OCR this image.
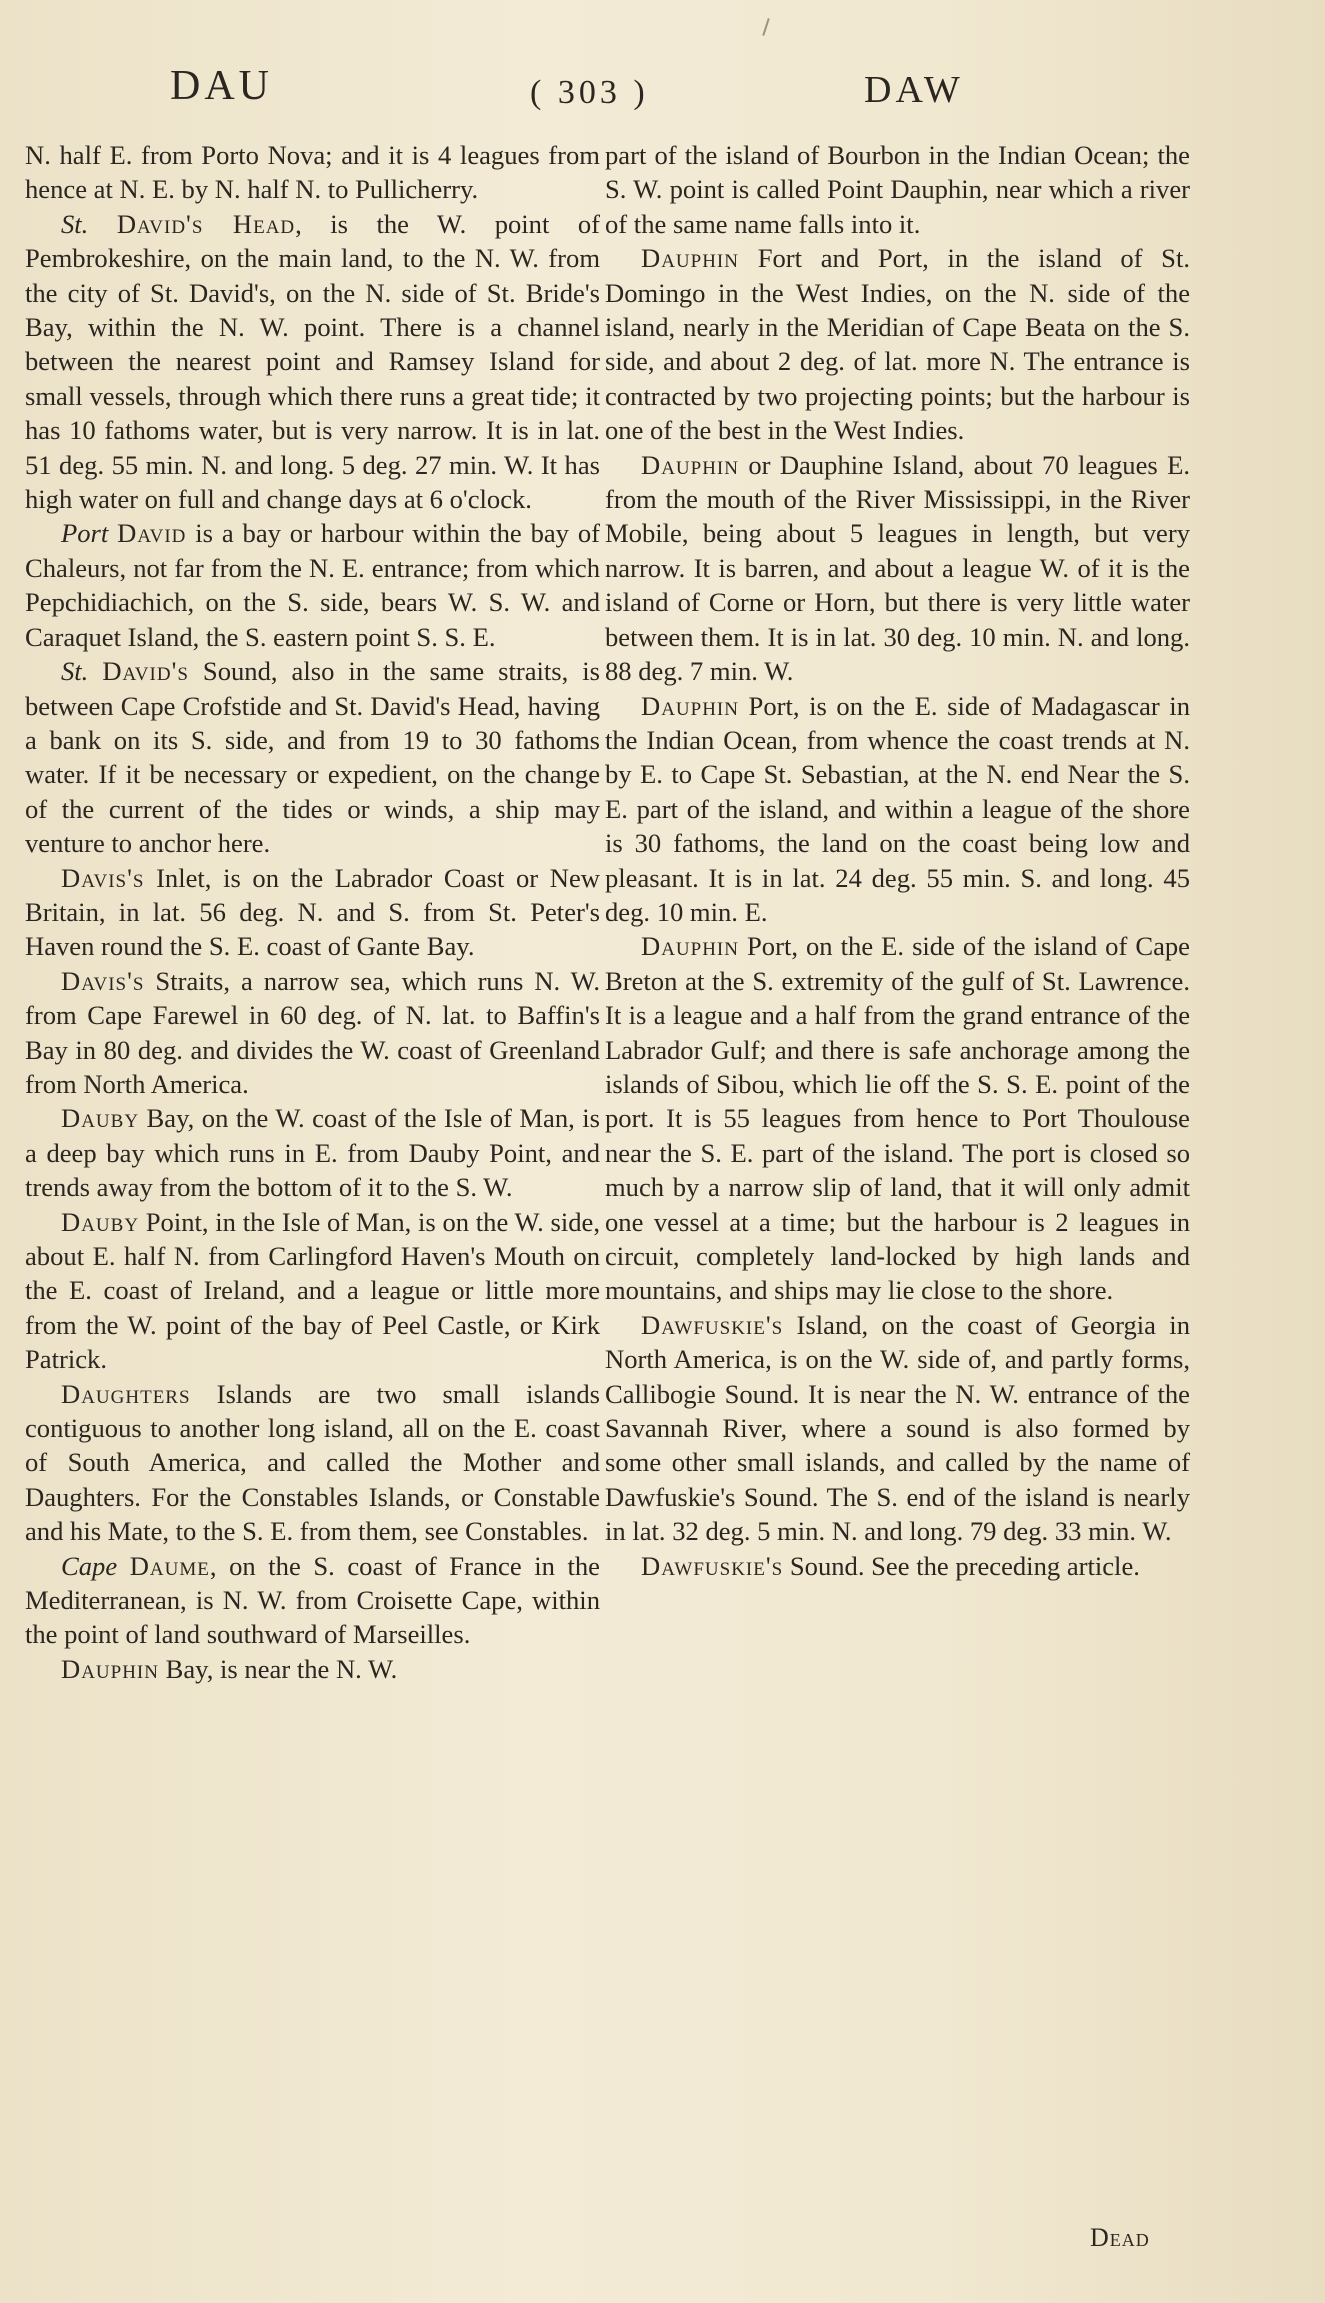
DAU	( 303 )	DAW

N. half E. from Porto Nova; and it is 4 leagues from hence at N. E. by N. half N. to Pullicherry.

St. David's Head, is the W. point of Pembrokeshire, on the main land, to the N. W. from the city of St. David's, on the N. side of St. Bride's Bay, within the N. W. point. There is a channel between the nearest point and Ramsey Island for small vessels, through which there runs a great tide; it has 10 fathoms water, but is very narrow. It is in lat. 51 deg. 55 min. N. and long. 5 deg. 27 min. W. It has high water on full and change days at 6 o'clock.

Port David is a bay or harbour within the bay of Chaleurs, not far from the N. E. entrance; from which Pepchidiachich, on the S. side, bears W. S. W. and Caraquet Island, the S. eastern point S. S. E.

St. David's Sound, also in the same straits, is between Cape Crofstide and St. David's Head, having a bank on its S. side, and from 19 to 30 fathoms water. If it be necessary or expedient, on the change of the current of the tides or winds, a ship may venture to anchor here.

Davis's Inlet, is on the Labrador Coast or New Britain, in lat. 56 deg. N. and S. from St. Peter's Haven round the S. E. coast of Gante Bay.

Davis's Straits, a narrow sea, which runs N. W. from Cape Farewel in 60 deg. of N. lat. to Baffin's Bay in 80 deg. and divides the W. coast of Greenland from North America.

Dauby Bay, on the W. coast of the Isle of Man, is a deep bay which runs in E. from Dauby Point, and trends away from the bottom of it to the S. W.

Dauby Point, in the Isle of Man, is on the W. side, about E. half N. from Carlingford Haven's Mouth on the E. coast of Ireland, and a league or little more from the W. point of the bay of Peel Castle, or Kirk Patrick.

Daughters Islands are two small islands contiguous to another long island, all on the E. coast of South America, and called the Mother and Daughters. For the Constables Islands, or Constable and his Mate, to the S. E. from them, see Constables.

Cape Daume, on the S. coast of France in the Mediterranean, is N. W. from Croisette Cape, within the point of land southward of Marseilles.

Dauphin Bay, is near the N. W.

part of the island of Bourbon in the Indian Ocean; the S. W. point is called Point Dauphin, near which a river of the same name falls into it.

Dauphin Fort and Port, in the island of St. Domingo in the West Indies, on the N. side of the island, nearly in the Meridian of Cape Beata on the S. side, and about 2 deg. of lat. more N. The entrance is contracted by two projecting points; but the harbour is one of the best in the West Indies.

Dauphin or Dauphine Island, about 70 leagues E. from the mouth of the River Mississippi, in the River Mobile, being about 5 leagues in length, but very narrow. It is barren, and about a league W. of it is the island of Corne or Horn, but there is very little water between them. It is in lat. 30 deg. 10 min. N. and long. 88 deg. 7 min. W.

Dauphin Port, is on the E. side of Madagascar in the Indian Ocean, from whence the coast trends at N. by E. to Cape St. Sebastian, at the N. end Near the S. E. part of the island, and within a league of the shore is 30 fathoms, the land on the coast being low and pleasant. It is in lat. 24 deg. 55 min. S. and long. 45 deg. 10 min. E.

Dauphin Port, on the E. side of the island of Cape Breton at the S. extremity of the gulf of St. Lawrence. It is a league and a half from the grand entrance of the Labrador Gulf; and there is safe anchorage among the islands of Sibou, which lie off the S. S. E. point of the port. It is 55 leagues from hence to Port Thoulouse near the S. E. part of the island. The port is closed so much by a narrow slip of land, that it will only admit one vessel at a time; but the harbour is 2 leagues in circuit, completely land-locked by high lands and mountains, and ships may lie close to the shore.

Dawfuskie's Island, on the coast of Georgia in North America, is on the W. side of, and partly forms, Callibogie Sound. It is near the N. W. entrance of the Savannah River, where a sound is also formed by some other small islands, and called by the name of Dawfuskie's Sound. The S. end of the island is nearly in lat. 32 deg. 5 min. N. and long. 79 deg. 33 min. W.

Dawfuskie's Sound. See the preceding article.

Dead
